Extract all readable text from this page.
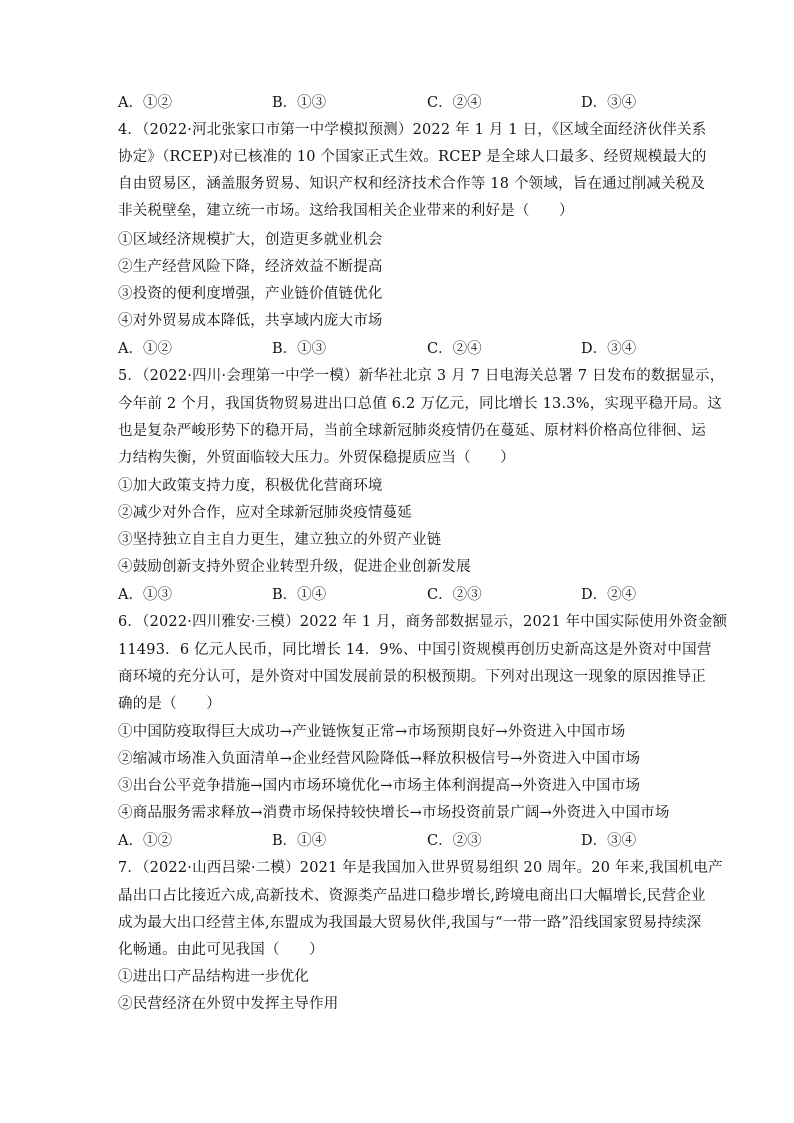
A．①②	B．①③	C．②④	D．③④
4．（2022·河北张家口市第一中学模拟预测）2022 年 1 月 1 日，《区域全面经济伙伴关系
协定》（RCEP)对已核准的 10 个国家正式生效。RCEP 是全球人口最多、经贸规模最大的
自由贸易区，涵盖服务贸易、知识产权和经济技术合作等 18 个领域，旨在通过削减关税及
非关税壁垒，建立统一市场。这给我国相关企业带来的利好是（　　）
①区域经济规模扩大，创造更多就业机会
②生产经营风险下降，经济效益不断提高
③投资的便利度增强，产业链价值链优化
④对外贸易成本降低，共享域内庞大市场
A．①②	B．①③	C．②④	D．③④
5．（2022·四川·会理第一中学一模）新华社北京 3 月 7 日电海关总署 7 日发布的数据显示，
今年前 2 个月，我国货物贸易进出口总值 6.2 万亿元，同比增长 13.3%，实现平稳开局。这
也是复杂严峻形势下的稳开局，当前全球新冠肺炎疫情仍在蔓延、原材料价格高位徘徊、运
力结构失衡，外贸面临较大压力。外贸保稳提质应当（　　）
①加大政策支持力度，积极优化营商环境
②减少对外合作，应对全球新冠肺炎疫情蔓延
③坚持独立自主自力更生，建立独立的外贸产业链
④鼓励创新支持外贸企业转型升级，促进企业创新发展
A．①③	B．①④	C．②③	D．②④
6．（2022·四川雅安·三模）2022 年 1 月，商务部数据显示，2021 年中国实际使用外资金额
11493．6 亿元人民币，同比增长 14．9%、中国引资规模再创历史新高这是外资对中国营
商环境的充分认可，是外资对中国发展前景的积极预期。下列对出现这一现象的原因推导正
确的是（　　）
①中国防疫取得巨大成功→产业链恢复正常→市场预期良好→外资进入中国市场
②缩减市场准入负面清单→企业经营风险降低→释放积极信号→外资进入中国市场
③出台公平竞争措施→国内市场环境优化→市场主体利润提高→外资进入中国市场
④商品服务需求释放→消费市场保持较快增长→市场投资前景广阔→外资进入中国市场
A．①②	B．①④	C．②③	D．③④
7．（2022·山西吕梁·二模）2021 年是我国加入世界贸易组织 20 周年。20 年来,我国机电产
晶出口占比接近六成,高新技术、资源类产品进口稳步增长,跨境电商出口大幅增长,民营企业
成为最大出口经营主体,东盟成为我国最大贸易伙伴,我国与“一带一路”沿线国家贸易持续深
化畅通。由此可见我国（　　）
①进出口产品结构进一步优化
②民营经济在外贸中发挥主导作用
